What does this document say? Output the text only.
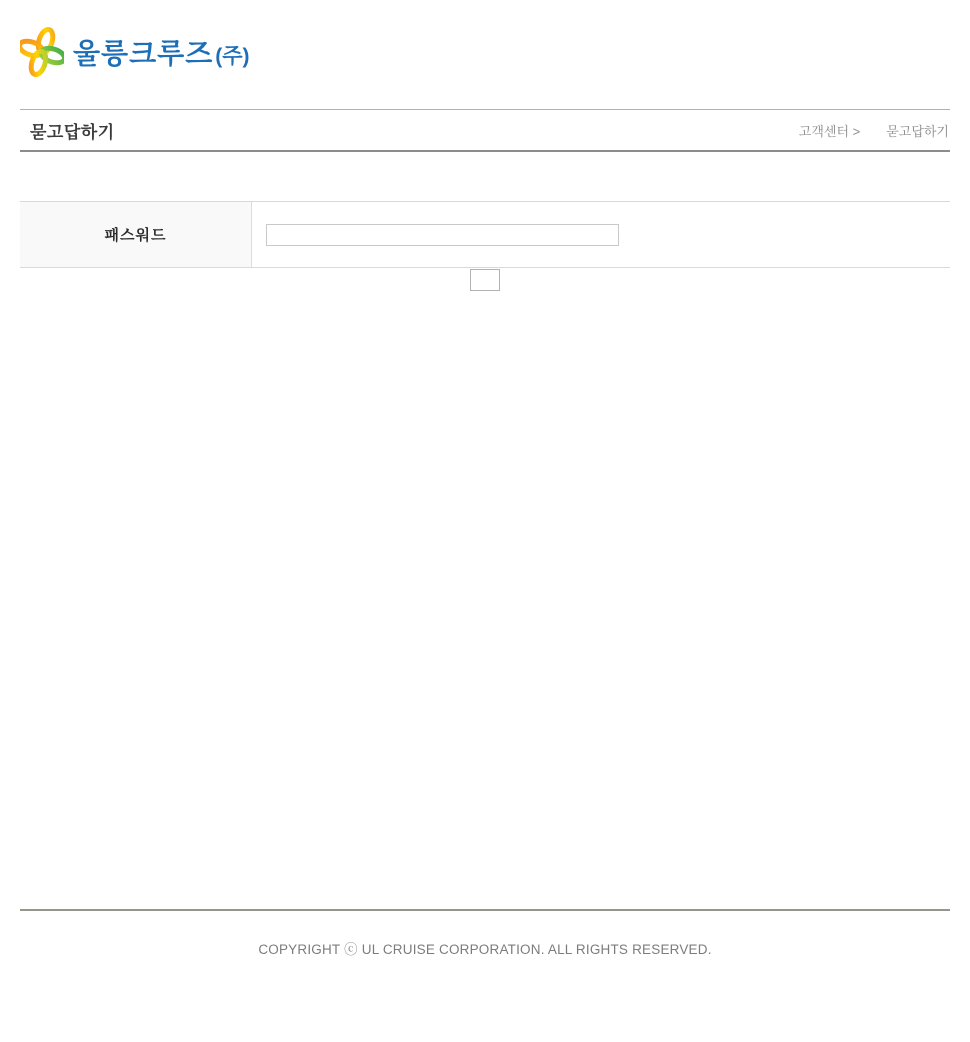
울릉크루즈(주)
묻고답하기	고객센터 > 묻고답하기
패스워드
COPYRIGHT ⓒ UL CRUISE CORPORATION. ALL RIGHTS RESERVED.
